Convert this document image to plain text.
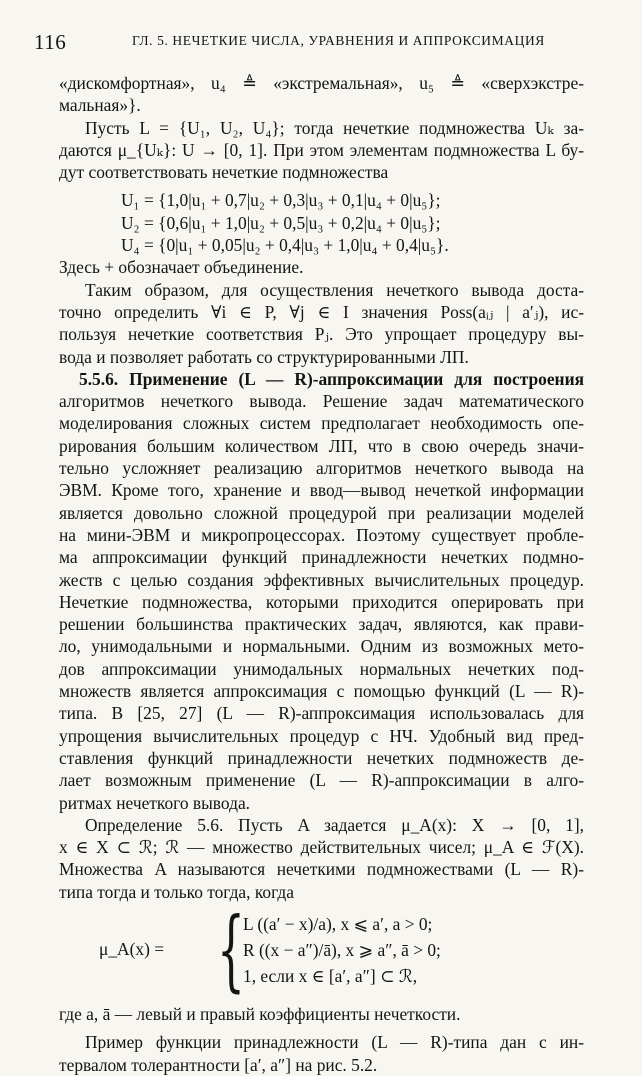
116	ГЛ. 5. НЕЧЕТКИЕ ЧИСЛА, УРАВНЕНИЯ И АППРОКСИМАЦИЯ
«дискомфортная», u₄ ≜ «экстремальная», u₅ ≜ «сверхэкстре-
мальная»}.
Пусть L = {U₁, U₂, U₄}; тогда нечеткие подмножества Uₖ за-
даются μ_{Uₖ}: U → [0, 1]. При этом элементам подмножества L бу-
дут соответствовать нечеткие подмножества
U₁ = {1,0|u₁ + 0,7|u₂ + 0,3|u₃ + 0,1|u₄ + 0|u₅};
U₂ = {0,6|u₁ + 1,0|u₂ + 0,5|u₃ + 0,2|u₄ + 0|u₅};
U₄ = {0|u₁ + 0,05|u₂ + 0,4|u₃ + 1,0|u₄ + 0,4|u₅}.
Здесь + обозначает объединение.
Таким образом, для осуществления нечеткого вывода доста-
точно определить ∀i ∈ P, ∀j ∈ I значения Poss(aᵢⱼ | a′ⱼ), ис-
пользуя нечеткие соответствия Pⱼ. Это упрощает процедуру вы-
вода и позволяет работать со структурированными ЛП.
5.5.6. Применение (L — R)-аппроксимации для построения
алгоритмов нечеткого вывода. Решение задач математического
моделирования сложных систем предполагает необходимость опе-
рирования большим количеством ЛП, что в свою очередь значи-
тельно усложняет реализацию алгоритмов нечеткого вывода на
ЭВМ. Кроме того, хранение и ввод—вывод нечеткой информации
является довольно сложной процедурой при реализации моделей
на мини-ЭВМ и микропроцессорах. Поэтому существует пробле-
ма аппроксимации функций принадлежности нечетких подмно-
жеств с целью создания эффективных вычислительных процедур.
Нечеткие подмножества, которыми приходится оперировать при
решении большинства практических задач, являются, как прави-
ло, унимодальными и нормальными. Одним из возможных мето-
дов аппроксимации унимодальных нормальных нечетких под-
множеств является аппроксимация с помощью функций (L — R)-
типа. В [25, 27] (L — R)-аппроксимация использовалась для
упрощения вычислительных процедур с НЧ. Удобный вид пред-
ставления функций принадлежности нечетких подмножеств де-
лает возможным применение (L — R)-аппроксимации в алго-
ритмах нечеткого вывода.
Определение 5.6. Пусть A задается μ_A(x): X → [0, 1],
x ∈ X ⊂ ℛ; ℛ — множество действительных чисел; μ_A ∈ ℱ(X).
Множества A называются нечеткими подмножествами (L — R)-
типа тогда и только тогда, когда
μ_A(x) = {
L ((a′ − x)/a), x ⩽ a′, a > 0;
R ((x − a″)/ā), x ⩾ a″, ā > 0;
1, если x ∈ [a′, a″] ⊂ ℛ,
где a, ā — левый и правый коэффициенты нечеткости.
Пример функции принадлежности (L — R)-типа дан с ин-
тервалом толерантности [a′, a″] на рис. 5.2.
